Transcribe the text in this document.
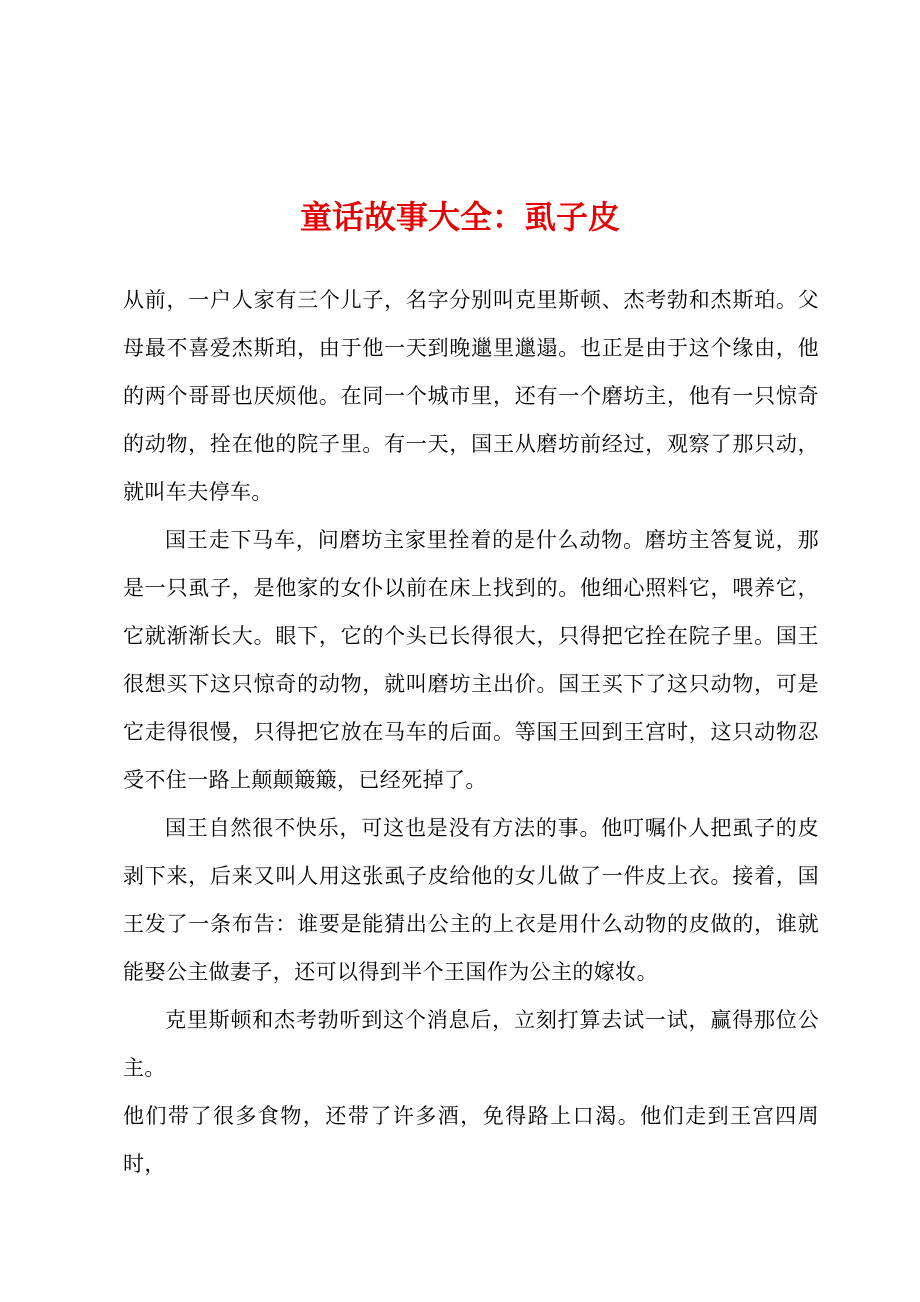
童话故事大全：虱子皮

从前，一户人家有三个儿子，名字分别叫克里斯顿、杰考勃和杰斯珀。父母最不喜爱杰斯珀，由于他一天到晚邋里邋遢。也正是由于这个缘由，他的两个哥哥也厌烦他。在同一个城市里，还有一个磨坊主，他有一只惊奇的动物，拴在他的院子里。有一天，国王从磨坊前经过，观察了那只动，就叫车夫停车。

国王走下马车，问磨坊主家里拴着的是什么动物。磨坊主答复说，那是一只虱子，是他家的女仆以前在床上找到的。他细心照料它，喂养它，它就渐渐长大。眼下，它的个头已长得很大，只得把它拴在院子里。国王很想买下这只惊奇的动物，就叫磨坊主出价。国王买下了这只动物，可是它走得很慢，只得把它放在马车的后面。等国王回到王宫时，这只动物忍受不住一路上颠颠簸簸，已经死掉了。

国王自然很不快乐，可这也是没有方法的事。他叮嘱仆人把虱子的皮剥下来，后来又叫人用这张虱子皮给他的女儿做了一件皮上衣。接着，国王发了一条布告：谁要是能猜出公主的上衣是用什么动物的皮做的，谁就能娶公主做妻子，还可以得到半个王国作为公主的嫁妆。

克里斯顿和杰考勃听到这个消息后，立刻打算去试一试，赢得那位公主。

他们带了很多食物，还带了许多酒，免得路上口渴。他们走到王宫四周时，
